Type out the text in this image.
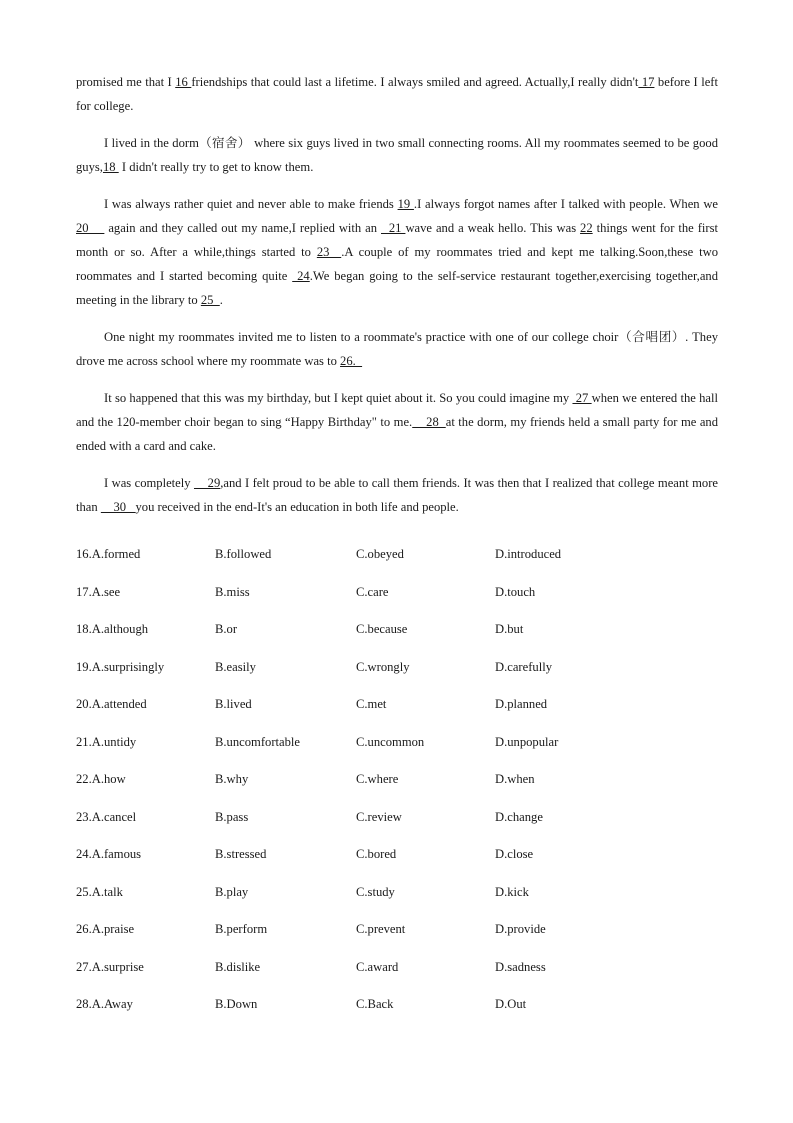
promised me that I 16 friendships that could last a lifetime. I always smiled and agreed. Actually,I really didn't 17 before I left for college.

I lived in the dorm（宿舍） where six guys lived in two small connecting rooms. All my roommates seemed to be good guys,18  I didn't really try to get to know them.

I was always rather quiet and never able to make friends 19 .I always forgot names after I talked with people. When we 20     again and they called out my name,I replied with an   21 wave and a weak hello. This was 22 things went for the first month or so. After a while,things started to 23  .A couple of my roommates tried and kept me talking.Soon,these two roommates and I started becoming quite  24.We began going to the self-service restaurant together,exercising together,and meeting in the library to 25  .

One night my roommates invited me to listen to a roommate's practice with one of our college choir（合唱团）. They drove me across school where my roommate was to 26.

It so happened that this was my birthday, but I kept quiet about it. So you could imagine my  27 when we entered the hall and the 120-member choir began to sing “Happy Birthday" to me.    28  at the dorm, my friends held a small party for me and ended with a card and cake.

I was completely     29,and I felt proud to be able to call them friends. It was then that I realized that college meant more than     30   you received in the end-It's an education in both life and people.

16.A.formed	B.followed	C.obeyed	D.introduced
17.A.see	B.miss	C.care	D.touch
18.A.although	B.or	C.because	D.but
19.A.surprisingly	B.easily	C.wrongly	D.carefully
20.A.attended	B.lived	C.met	D.planned
21.A.untidy	B.uncomfortable	C.uncommon	D.unpopular
22.A.how	B.why	C.where	D.when
23.A.cancel	B.pass	C.review	D.change
24.A.famous	B.stressed	C.bored	D.close
25.A.talk	B.play	C.study	D.kick
26.A.praise	B.perform	C.prevent	D.provide
27.A.surprise	B.dislike	C.award	D.sadness
28.A.Away	B.Down	C.Back	D.Out
